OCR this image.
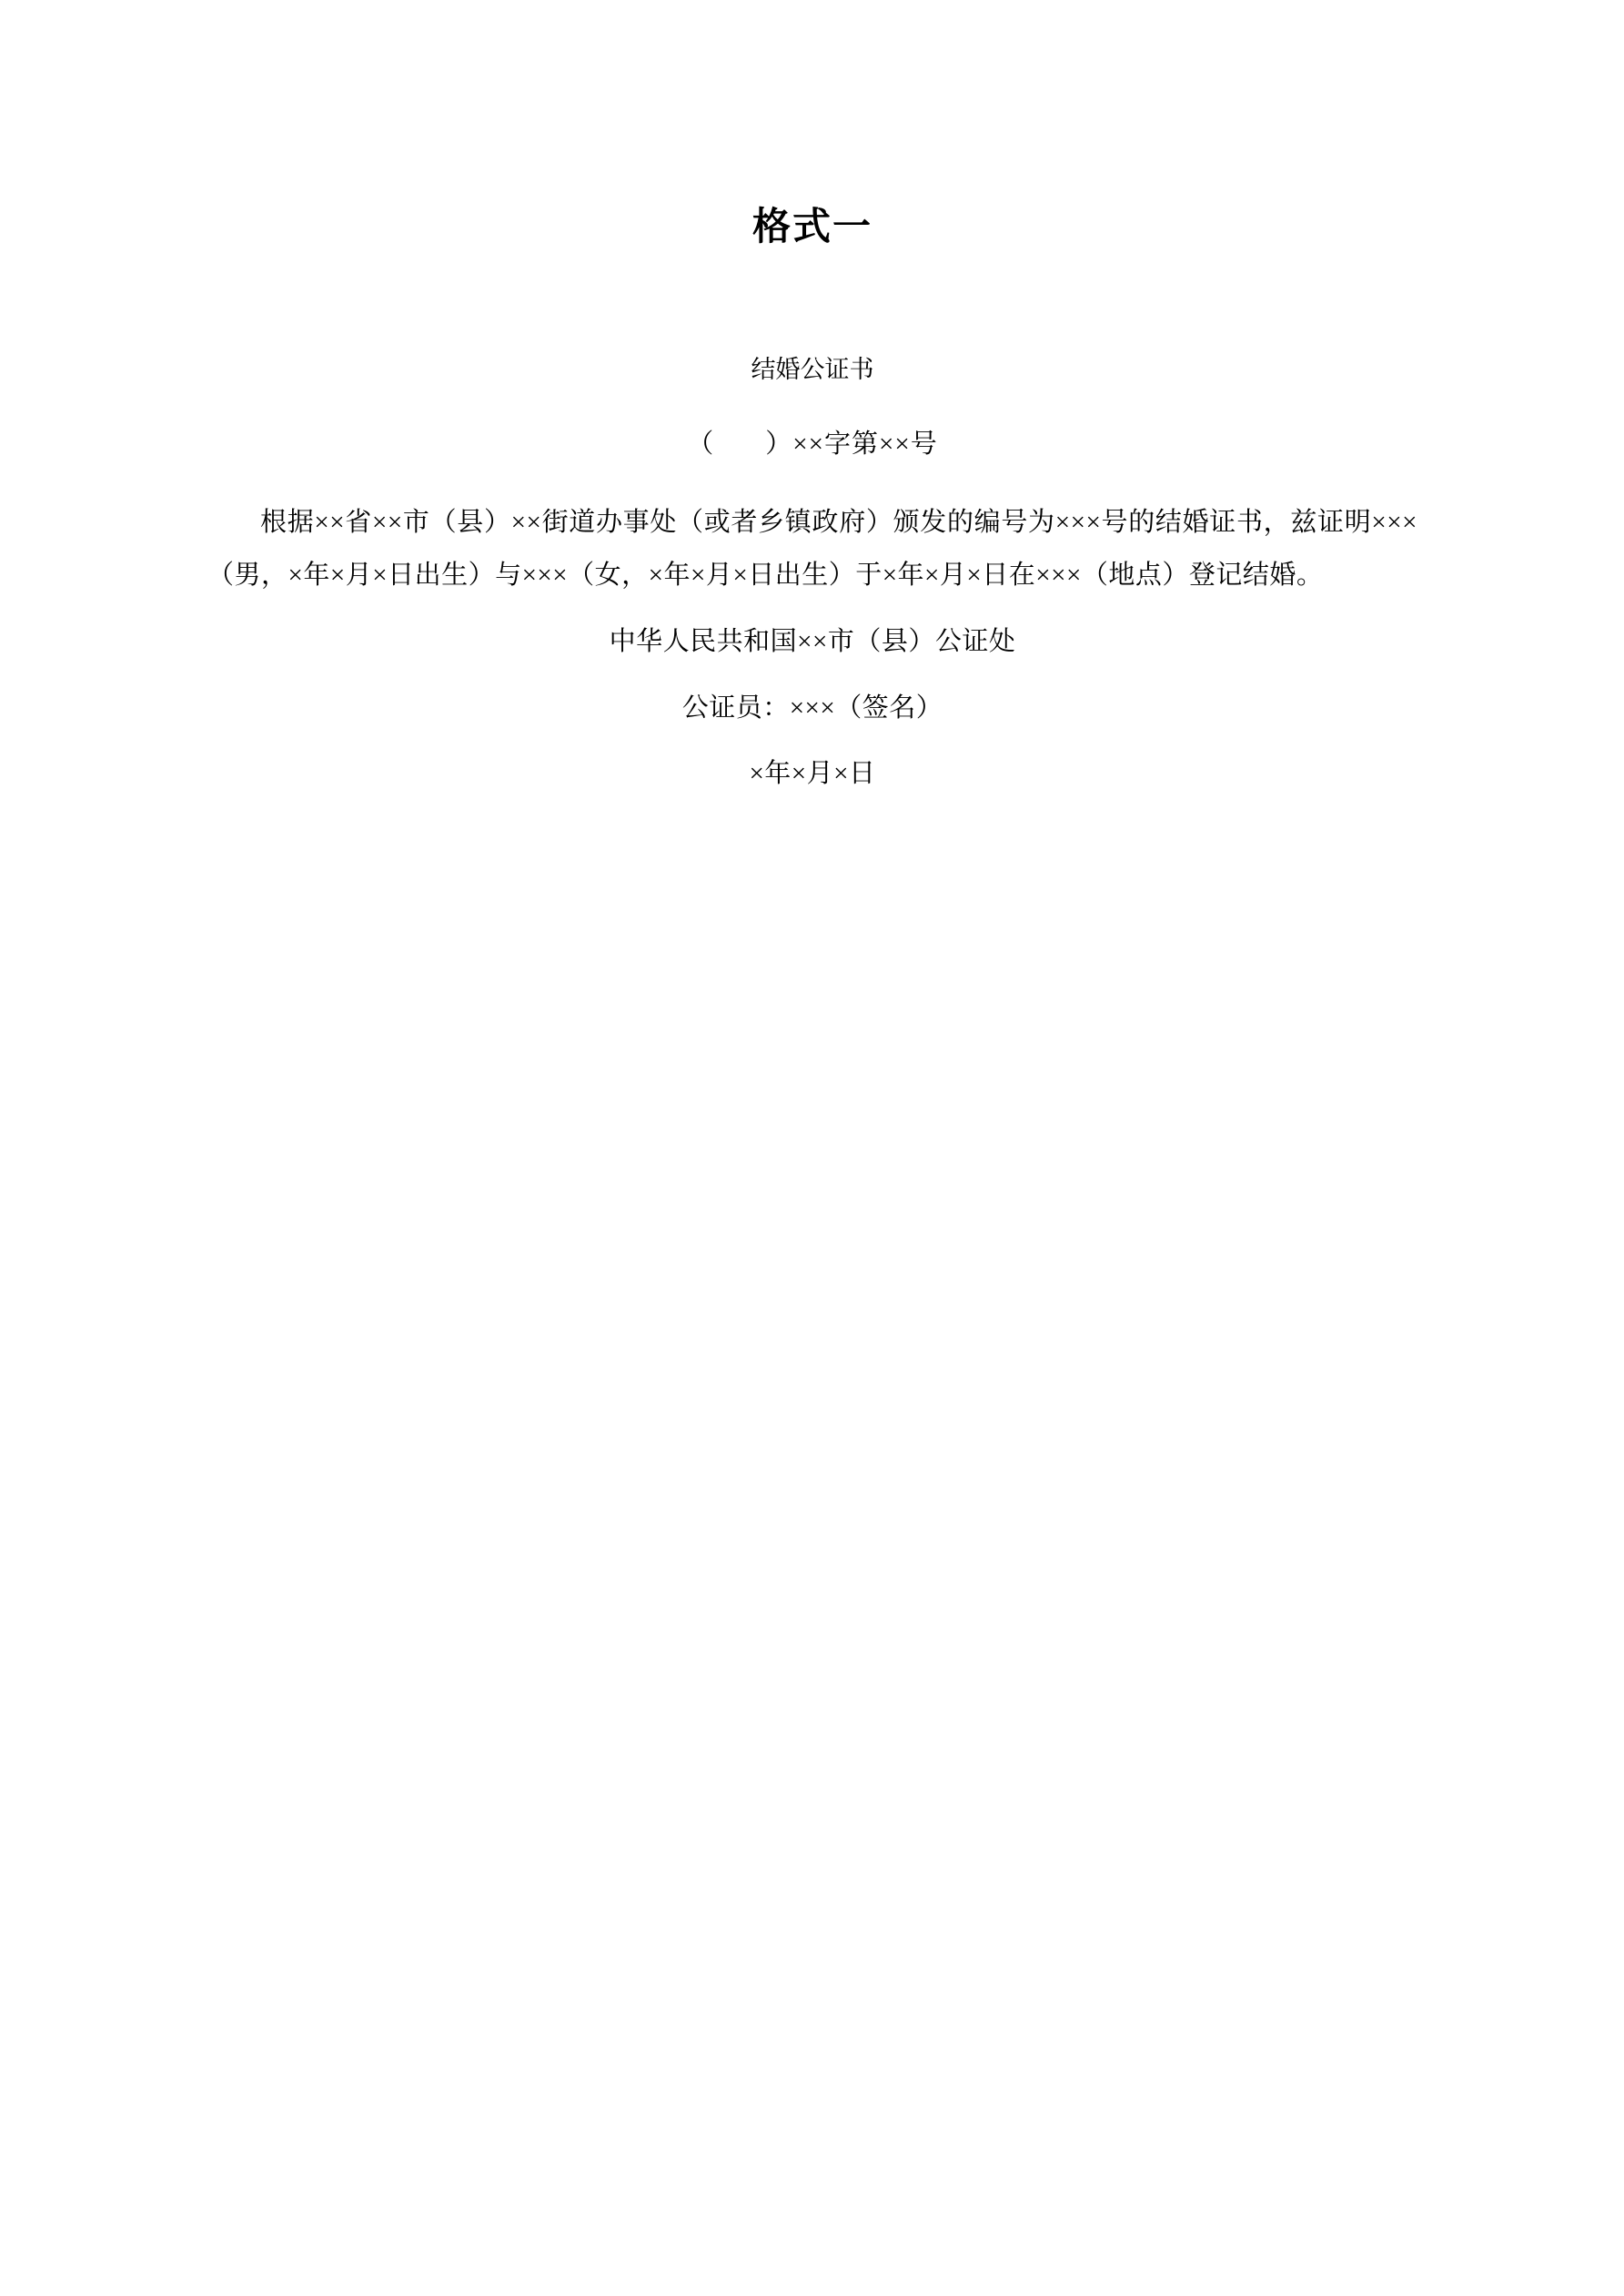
格式一
结婚公证书
（ ）××字第××号
根据××省××市（县）××街道办事处（或者乡镇政府）颁发的编号为×××号的结婚证书，兹证明×××（男，×年×月×日出生）与×××（女，×年×月×日出生）于×年×月×日在×××（地点）登记结婚。
中华人民共和国××市（县）公证处
公证员：×××（签名）
×年×月×日
